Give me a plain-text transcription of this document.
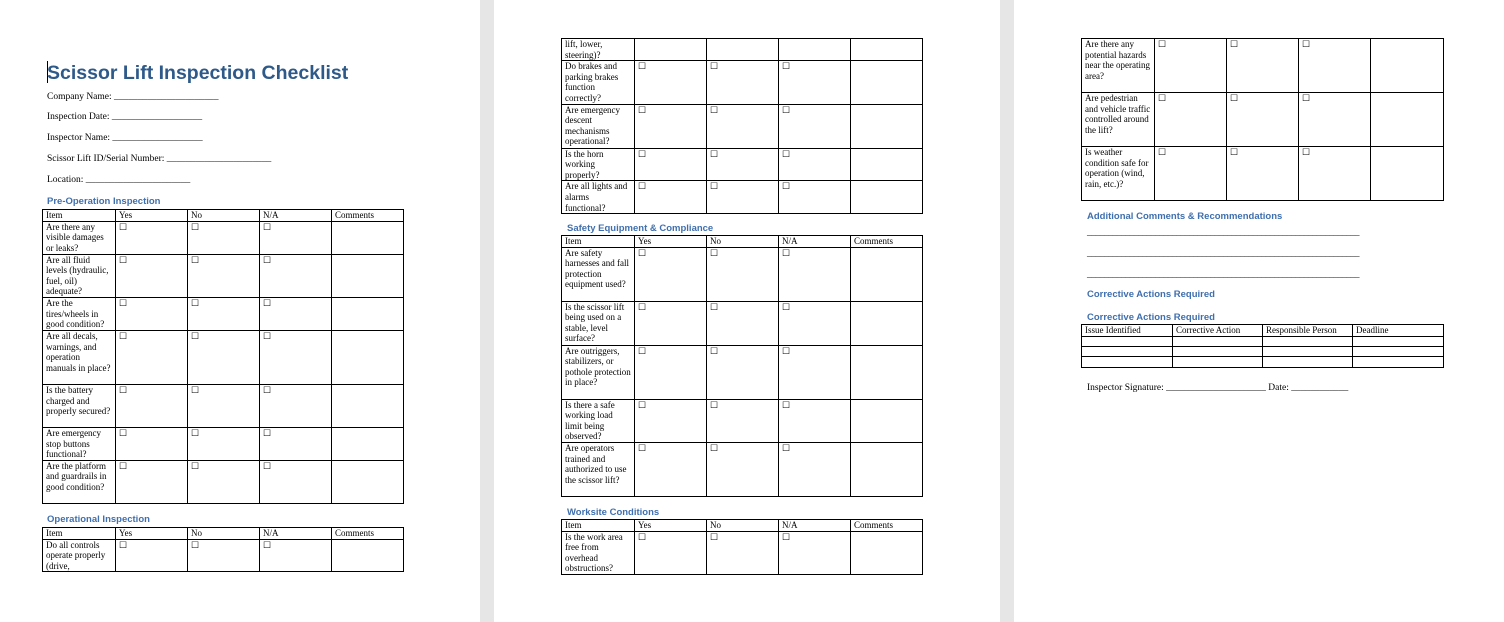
Scissor Lift Inspection Checklist
Company Name: ______________________
Inspection Date: ___________________
Inspector Name: ___________________
Scissor Lift ID/Serial Number: ______________________
Location: ______________________
Pre-Operation Inspection
Item	Yes	No	N/A	Comments
Are there any visible damages or leaks?	☐	☐	☐	
Are all fluid levels (hydraulic, fuel, oil) adequate?	☐	☐	☐	
Are the tires/wheels in good condition?	☐	☐	☐	
Are all decals, warnings, and operation manuals in place?	☐	☐	☐	
Is the battery charged and properly secured?	☐	☐	☐	
Are emergency stop buttons functional?	☐	☐	☐	
Are the platform and guardrails in good condition?	☐	☐	☐	
Operational Inspection
Item	Yes	No	N/A	Comments
Do all controls operate properly (drive,	☐	☐	☐	
lift, lower, steering)?				
Do brakes and parking brakes function correctly?	☐	☐	☐	
Are emergency descent mechanisms operational?	☐	☐	☐	
Is the horn working properly?	☐	☐	☐	
Are all lights and alarms functional?	☐	☐	☐	
Safety Equipment & Compliance
Item	Yes	No	N/A	Comments
Are safety harnesses and fall protection equipment used?	☐	☐	☐	
Is the scissor lift being used on a stable, level surface?	☐	☐	☐	
Are outriggers, stabilizers, or pothole protection in place?	☐	☐	☐	
Is there a safe working load limit being observed?	☐	☐	☐	
Are operators trained and authorized to use the scissor lift?	☐	☐	☐	
Worksite Conditions
Item	Yes	No	N/A	Comments
Is the work area free from overhead obstructions?	☐	☐	☐	
Are there any potential hazards near the operating area?	☐	☐	☐	
Are pedestrian and vehicle traffic controlled around the lift?	☐	☐	☐	
Is weather condition safe for operation (wind, rain, etc.)?	☐	☐	☐	
Additional Comments & Recommendations
________________________________________________________________
________________________________________________________________
________________________________________________________________
Corrective Actions Required
Corrective Actions Required
Issue Identified	Corrective Action	Responsible Person	Deadline

Inspector Signature: _____________________ Date: ____________
